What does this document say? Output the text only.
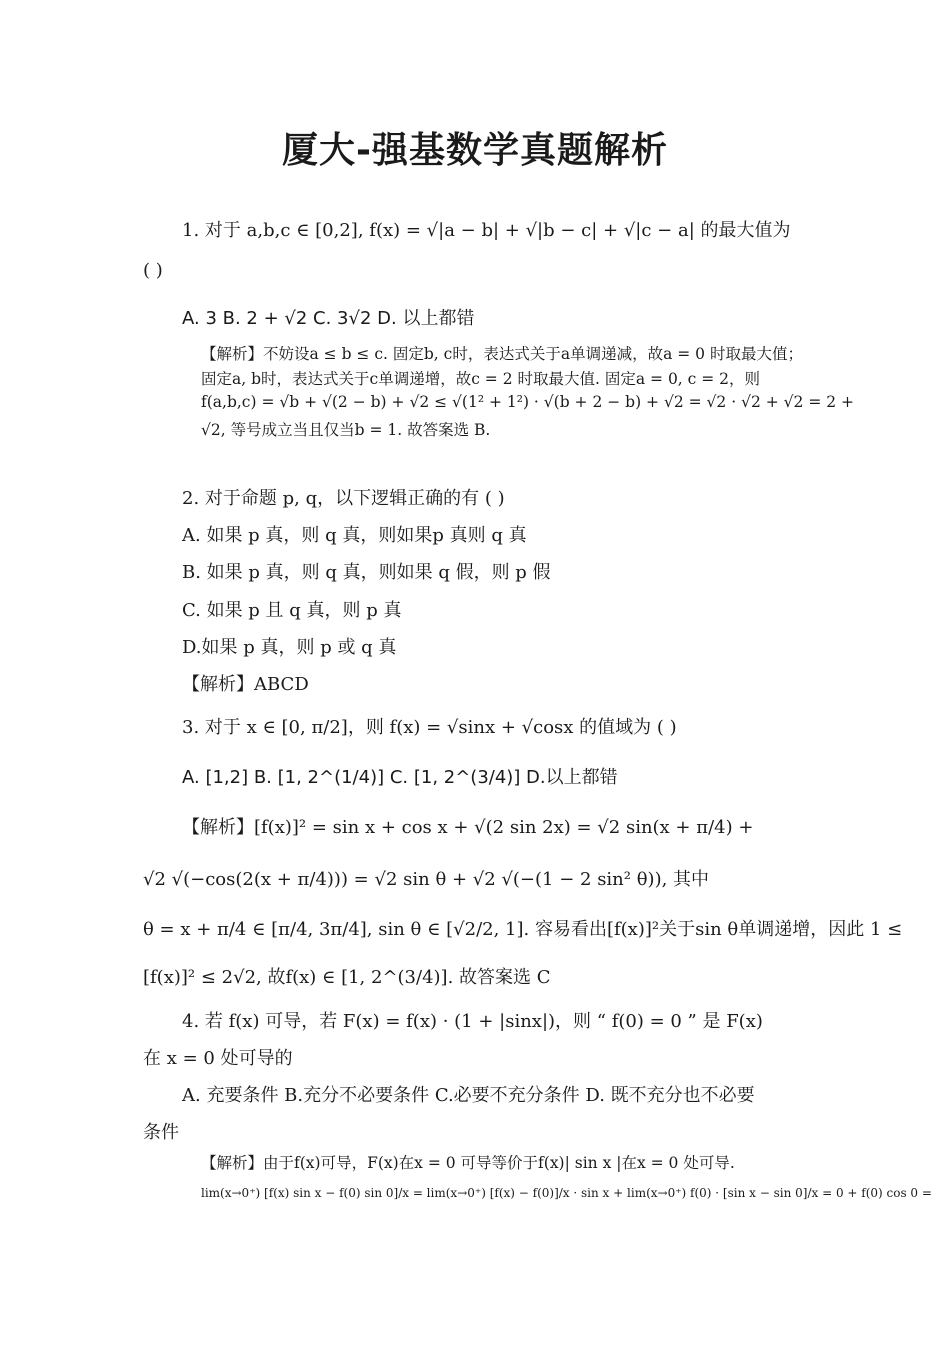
厦大-强基数学真题解析
1. 对于 a,b,c ∈ [0,2], f(x) = √|a − b| + √|b − c| + √|c − a| 的最大值为
( )
A. 3 B. 2 + √2 C. 3√2 D. 以上都错
【解析】不妨设a ≤ b ≤ c. 固定b, c时，表达式关于a单调递减，故a = 0 时取最大值；
固定a, b时，表达式关于c单调递增，故c = 2 时取最大值. 固定a = 0, c = 2，则
f(a,b,c) = √b + √(2 − b) + √2 ≤ √(1² + 1²) · √(b + 2 − b) + √2 = √2 · √2 + √2 = 2 +
√2, 等号成立当且仅当b = 1. 故答案选 B.
2. 对于命题 p, q，以下逻辑正确的有 ( )
A. 如果 p 真，则 q 真，则如果p 真则 q 真
B. 如果 p 真，则 q 真，则如果 q 假，则 p 假
C. 如果 p 且 q 真，则 p 真
D.如果 p 真，则 p 或 q 真
【解析】ABCD
3. 对于 x ∈ [0, π/2]，则 f(x) = √sinx + √cosx 的值域为 ( )
A. [1,2] B. [1, 2^(1/4)] C. [1, 2^(3/4)] D.以上都错
【解析】[f(x)]² = sin x + cos x + √(2 sin 2x) = √2 sin(x + π/4) +
√2 √(−cos(2(x + π/4))) = √2 sin θ + √2 √(−(1 − 2 sin² θ)), 其中
θ = x + π/4 ∈ [π/4, 3π/4], sin θ ∈ [√2/2, 1]. 容易看出[f(x)]²关于sin θ单调递增，因此 1 ≤
[f(x)]² ≤ 2√2, 故f(x) ∈ [1, 2^(3/4)]. 故答案选 C
4. 若 f(x) 可导，若 F(x) = f(x) · (1 + |sinx|)，则 “ f(0) = 0 ” 是 F(x)
在 x = 0 处可导的
A. 充要条件 B.充分不必要条件 C.必要不充分条件 D. 既不充分也不必要
条件
【解析】由于f(x)可导，F(x)在x = 0 可导等价于f(x)| sin x |在x = 0 处可导.
lim(x→0⁺) [f(x) sin x − f(0) sin 0]/x = lim(x→0⁺) [f(x) − f(0)]/x · sin x + lim(x→0⁺) f(0) · [sin x − sin 0]/x = 0 + f(0) cos 0 =
